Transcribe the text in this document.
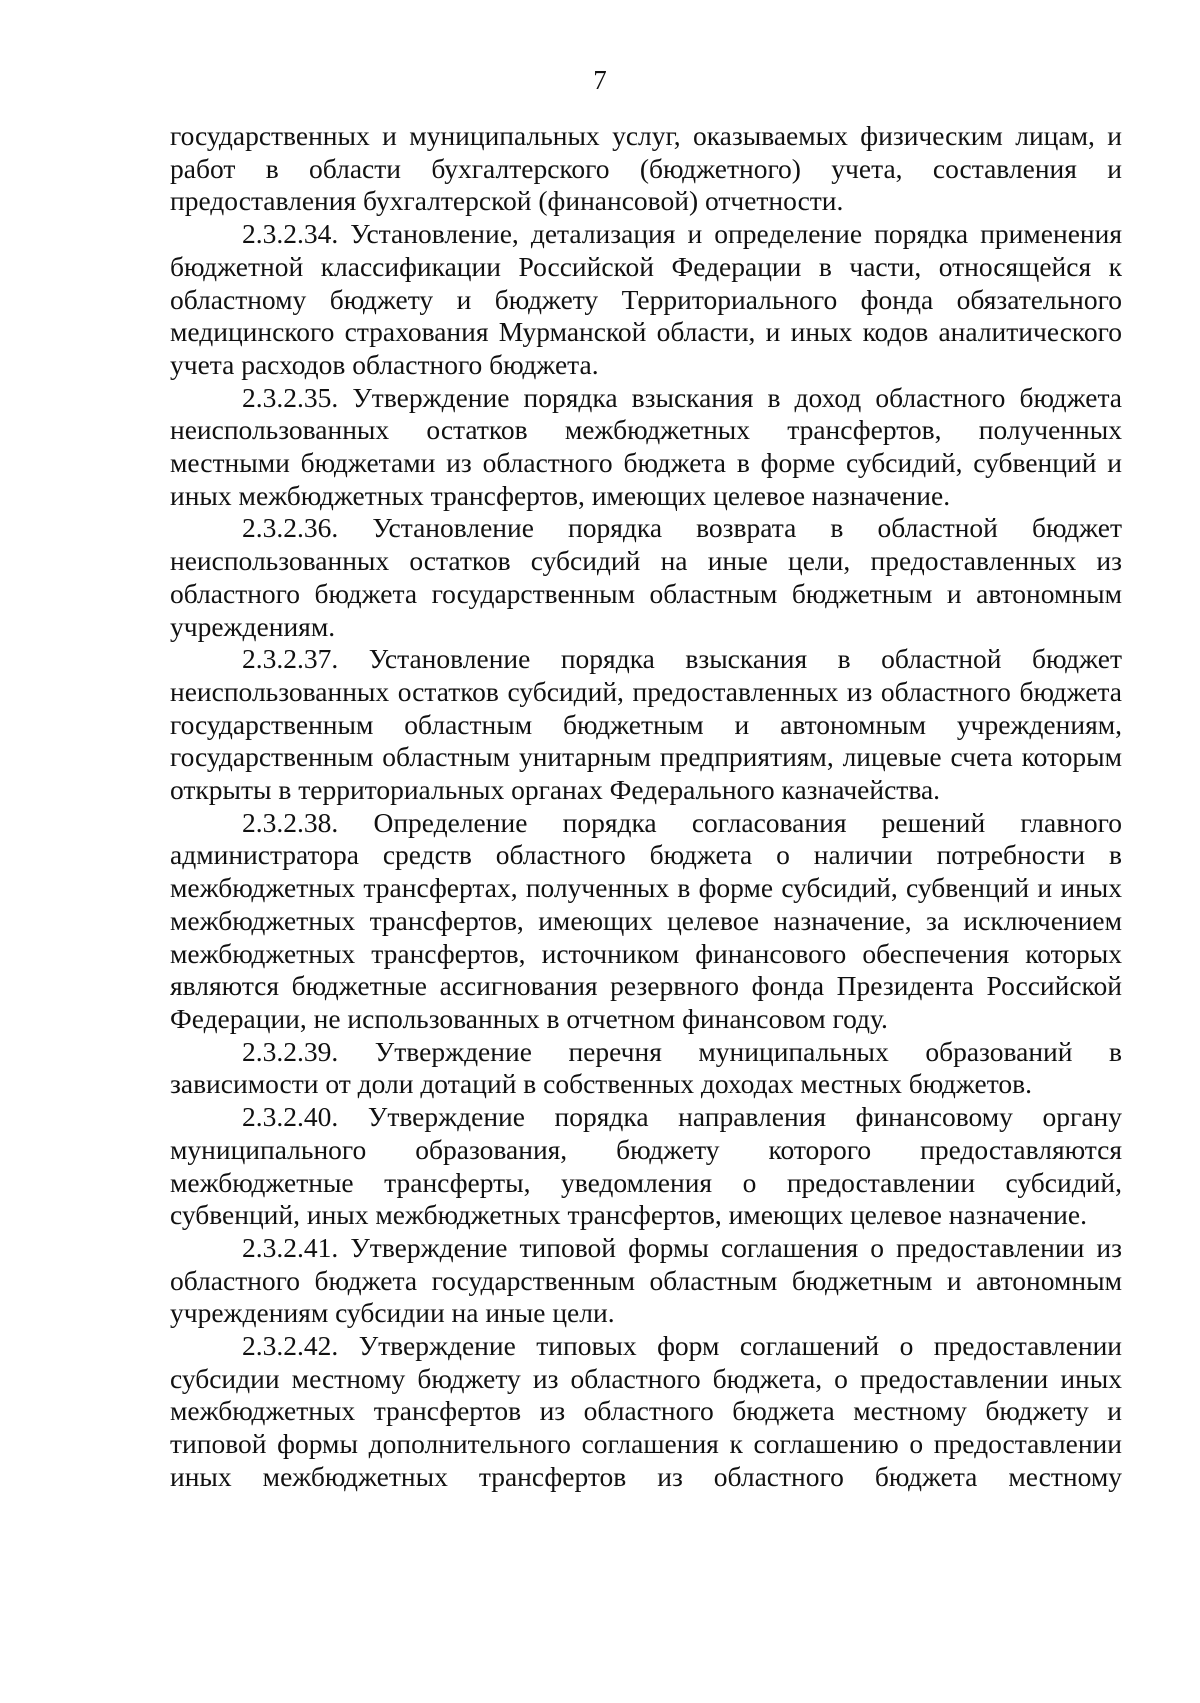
7

государственных и муниципальных услуг, оказываемых физическим лицам, и работ в области бухгалтерского (бюджетного) учета, составления и предоставления бухгалтерской (финансовой) отчетности.

2.3.2.34. Установление, детализация и определение порядка применения бюджетной классификации Российской Федерации в части, относящейся к областному бюджету и бюджету Территориального фонда обязательного медицинского страхования Мурманской области, и иных кодов аналитического учета расходов областного бюджета.

2.3.2.35. Утверждение порядка взыскания в доход областного бюджета неиспользованных остатков межбюджетных трансфертов, полученных местными бюджетами из областного бюджета в форме субсидий, субвенций и иных межбюджетных трансфертов, имеющих целевое назначение.

2.3.2.36. Установление порядка возврата в областной бюджет неиспользованных остатков субсидий на иные цели, предоставленных из областного бюджета государственным областным бюджетным и автономным учреждениям.

2.3.2.37. Установление порядка взыскания в областной бюджет неиспользованных остатков субсидий, предоставленных из областного бюджета государственным областным бюджетным и автономным учреждениям, государственным областным унитарным предприятиям, лицевые счета которым открыты в территориальных органах Федерального казначейства.

2.3.2.38. Определение порядка согласования решений главного администратора средств областного бюджета о наличии потребности в межбюджетных трансфертах, полученных в форме субсидий, субвенций и иных межбюджетных трансфертов, имеющих целевое назначение, за исключением межбюджетных трансфертов, источником финансового обеспечения которых являются бюджетные ассигнования резервного фонда Президента Российской Федерации, не использованных в отчетном финансовом году.

2.3.2.39. Утверждение перечня муниципальных образований в зависимости от доли дотаций в собственных доходах местных бюджетов.

2.3.2.40. Утверждение порядка направления финансовому органу муниципального образования, бюджету которого предоставляются межбюджетные трансферты, уведомления о предоставлении субсидий, субвенций, иных межбюджетных трансфертов, имеющих целевое назначение.

2.3.2.41. Утверждение типовой формы соглашения о предоставлении из областного бюджета государственным областным бюджетным и автономным учреждениям субсидии на иные цели.

2.3.2.42. Утверждение типовых форм соглашений о предоставлении субсидии местному бюджету из областного бюджета, о предоставлении иных межбюджетных трансфертов из областного бюджета местному бюджету и типовой формы дополнительного соглашения к соглашению о предоставлении иных межбюджетных трансфертов из областного бюджета местному
